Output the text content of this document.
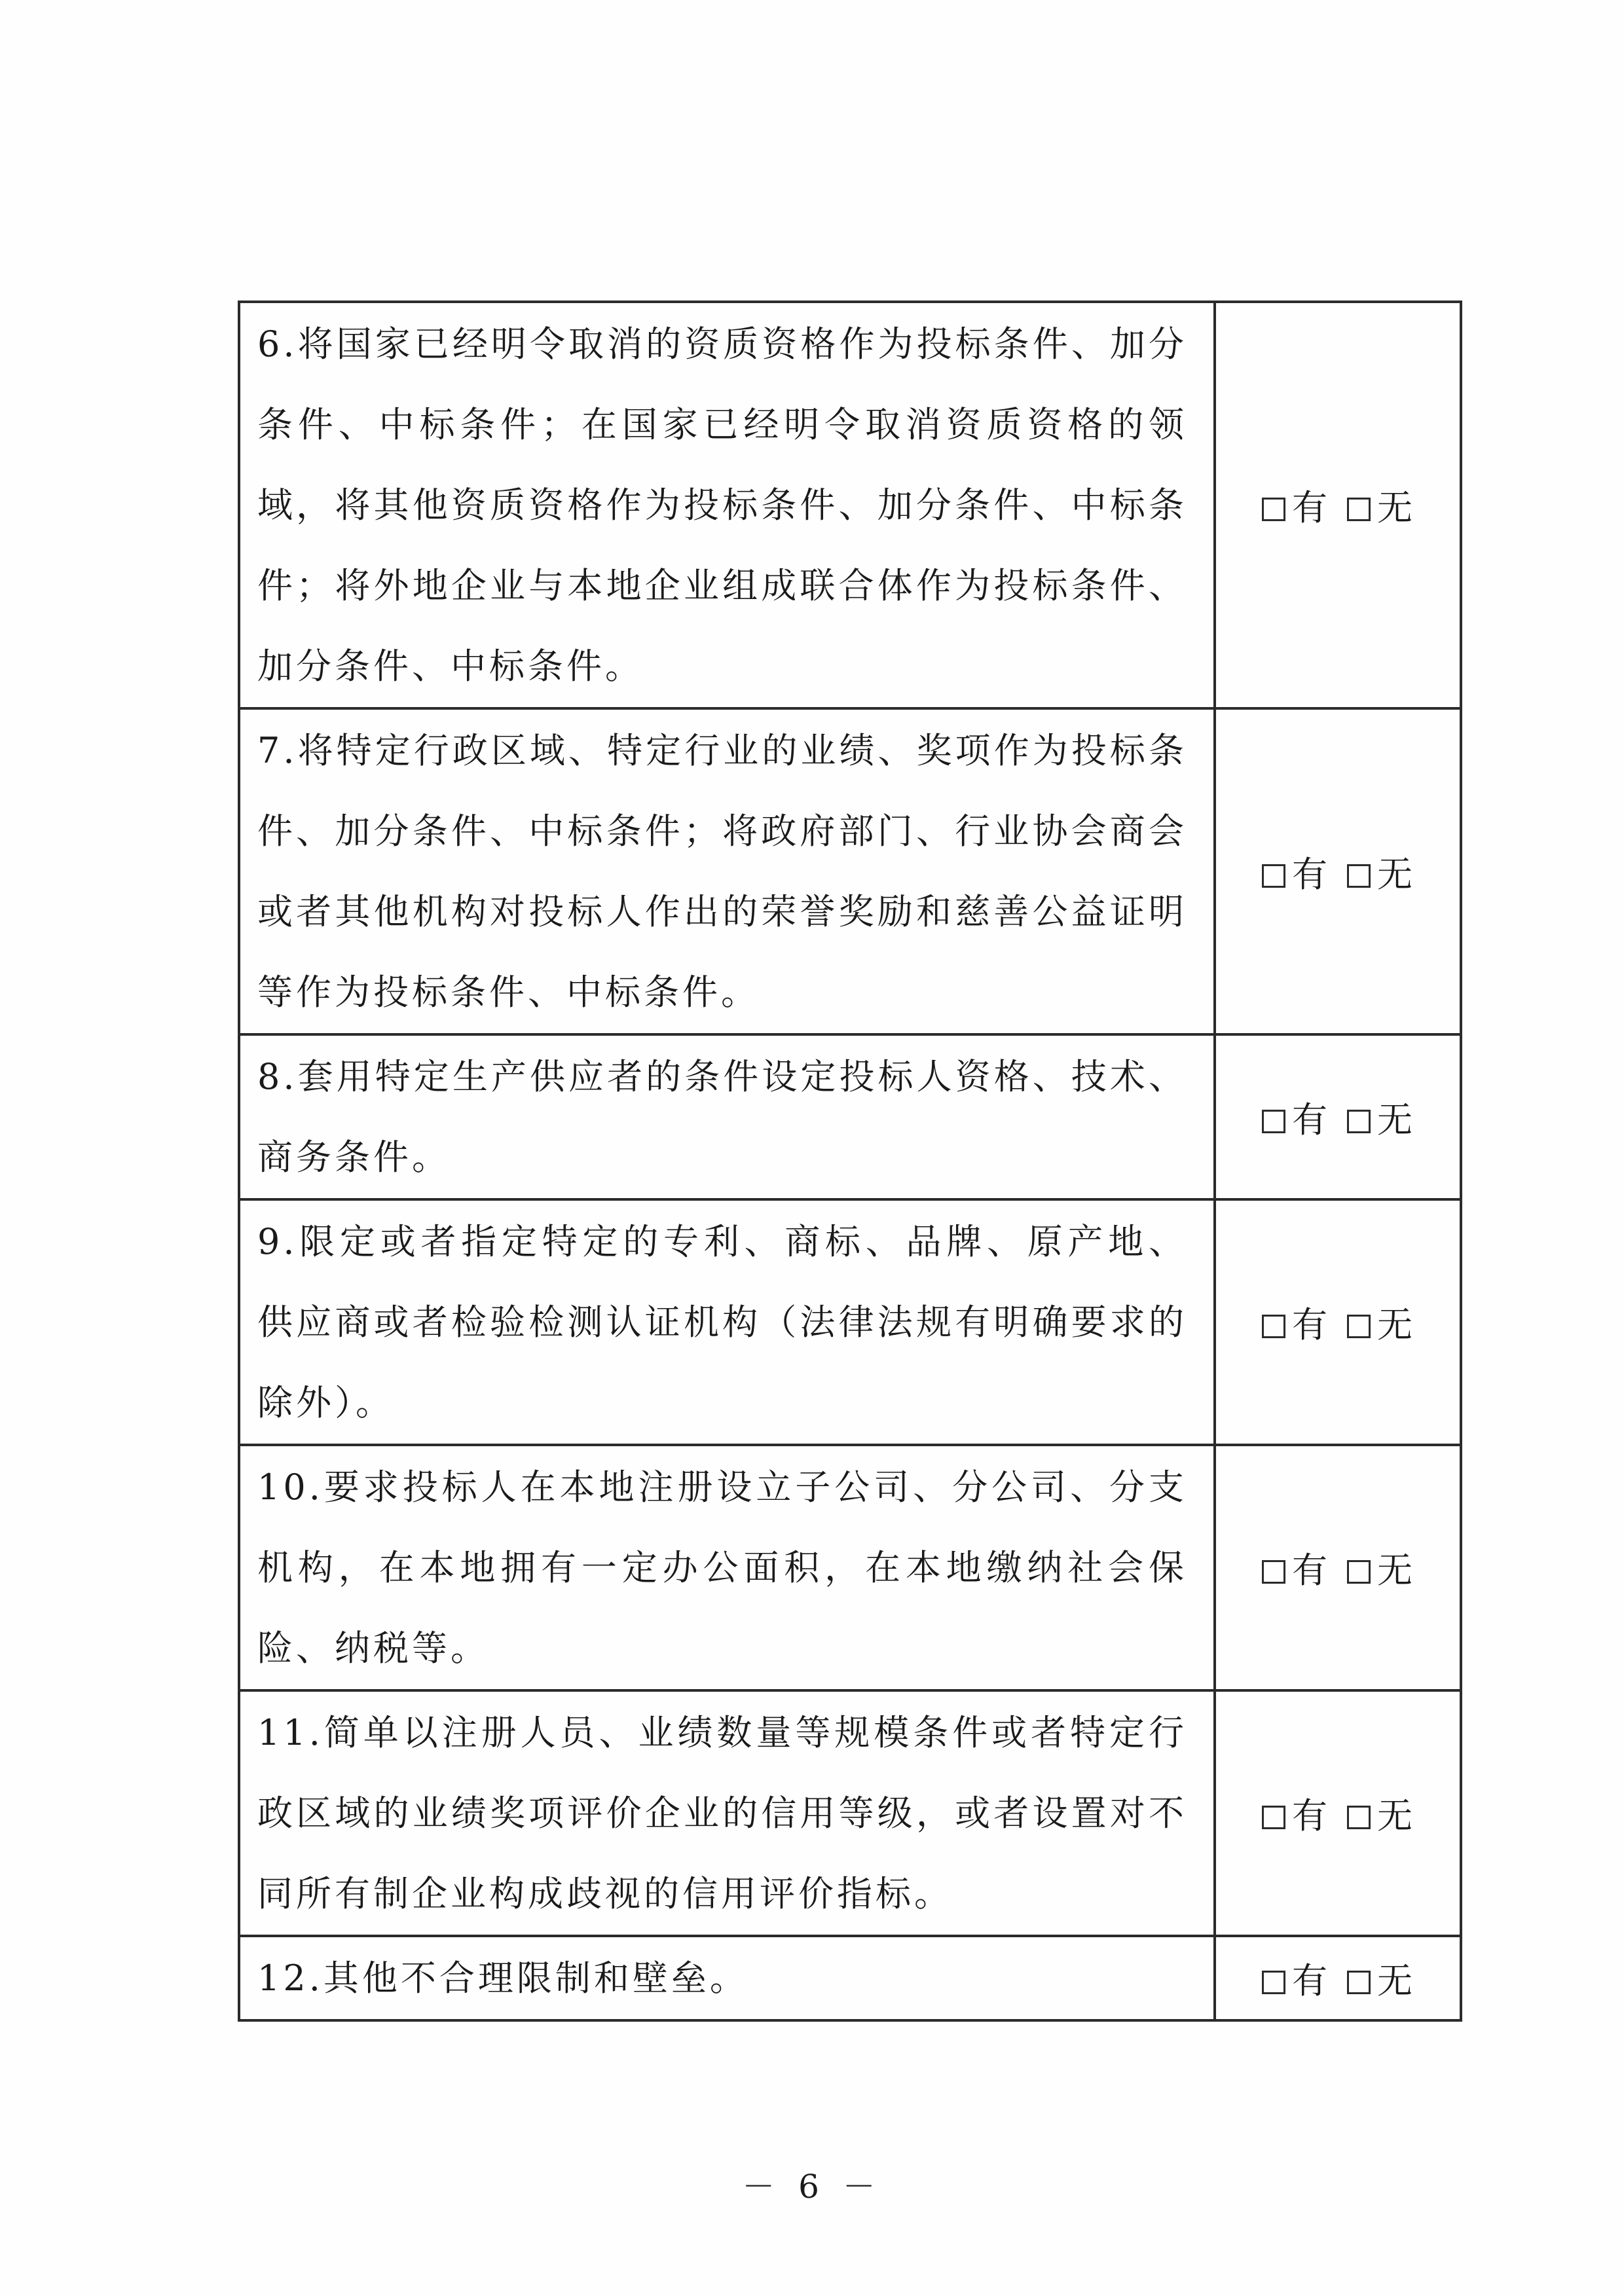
6.将国家已经明令取消的资质资格作为投标条件、加分条件、中标条件；在国家已经明令取消资质资格的领域，将其他资质资格作为投标条件、加分条件、中标条件；将外地企业与本地企业组成联合体作为投标条件、加分条件、中标条件。	有 无
7.将特定行政区域、特定行业的业绩、奖项作为投标条件、加分条件、中标条件；将政府部门、行业协会商会或者其他机构对投标人作出的荣誉奖励和慈善公益证明等作为投标条件、中标条件。	有 无
8.套用特定生产供应者的条件设定投标人资格、技术、商务条件。	有 无
9.限定或者指定特定的专利、商标、品牌、原产地、 供应商或者检验检测认证机构（法律法规有明确要求的除外）。	有 无
10.要求投标人在本地注册设立子公司、分公司、分支机构，在本地拥有一定办公面积，在本地缴纳社会保险、纳税等。	有 无
11.简单以注册人员、业绩数量等规模条件或者特定行政区域的业绩奖项评价企业的信用等级，或者设置对不同所有制企业构成歧视的信用评价指标。	有 无
12.其他不合理限制和壁垒。	有 无
－ 6 －
